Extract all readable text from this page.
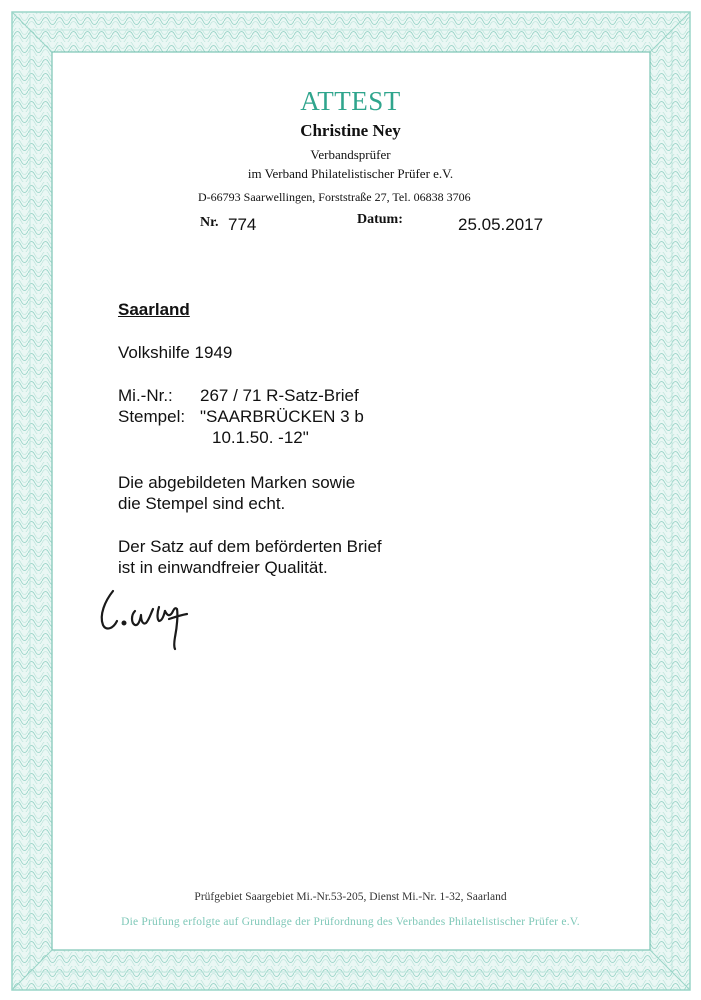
ATTEST
Christine Ney
Verbandsprüfer
im Verband Philatelistischer Prüfer e.V.
D-66793 Saarwellingen, Forststraße 27, Tel. 06838 3706
Nr. 774	Datum:	25.05.2017
Saarland
Volkshilfe 1949
Mi.-Nr.: 267 / 71 R-Satz-Brief
Stempel: "SAARBRÜCKEN 3 b
10.1.50. -12"
Die abgebildeten Marken sowie
die Stempel sind echt.
Der Satz auf dem beförderten Brief
ist in einwandfreier Qualität.
Prüfgebiet Saargebiet Mi.-Nr.53-205, Dienst Mi.-Nr. 1-32, Saarland
Die Prüfung erfolgte auf Grundlage der Prüfordnung des Verbandes Philatelistischer Prüfer e.V.
